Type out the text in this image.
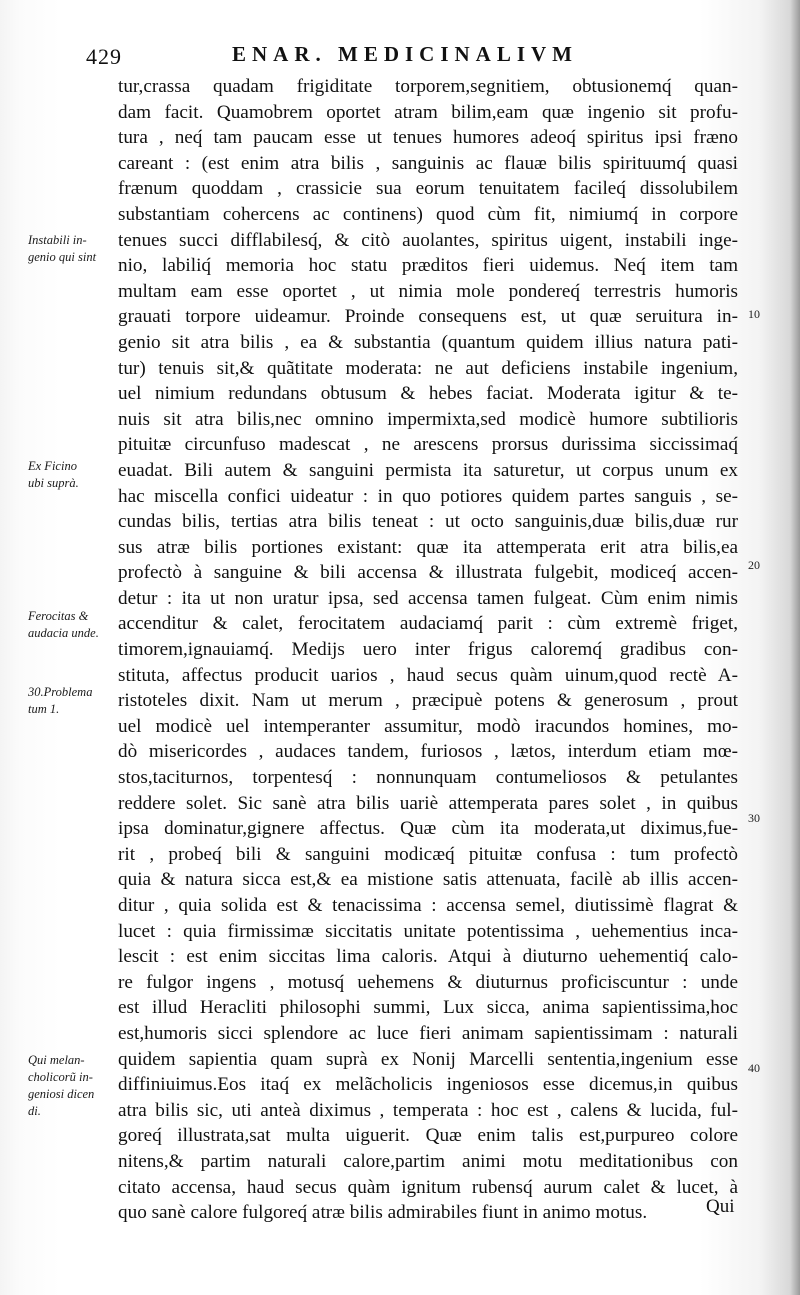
429	ENAR. MEDICINALIVM
tur,crassa quadam frigiditate torporem,segnitiem, obtusionemq́ quan-
dam facit. Quamobrem oportet atram bilim,eam quæ ingenio sit profu-
tura , neq́ tam paucam esse ut tenues humores adeoq́ spiritus ipsi fræno
careant : (est enim atra bilis , sanguinis ac flauæ bilis spirituumq́ quasi
frænum quoddam , crassicie sua eorum tenuitatem facileq́ dissolubilem
substantiam cohercens ac continens) quod cùm fit, nimiumq́ in corpore
tenues succi difflabilesq́, & citò auolantes, spiritus uigent, instabili inge-
nio, labiliq́ memoria hoc statu præditos fieri uidemus. Neq́ item tam
multam eam esse oportet , ut nimia mole pondereq́ terrestris humoris
grauati torpore uideamur. Proinde consequens est, ut quæ seruitura in-
genio sit atra bilis , ea & substantia (quantum quidem illius natura pati-
tur) tenuis sit,& quãtitate moderata: ne aut deficiens instabile ingenium,
uel nimium redundans obtusum & hebes faciat. Moderata igitur & te-
nuis sit atra bilis,nec omnino impermixta,sed modicè humore subtilioris
pituitæ circunfuso madescat , ne arescens prorsus durissima siccissimaq́
euadat. Bili autem & sanguini permista ita saturetur, ut corpus unum ex
hac miscella confici uideatur : in quo potiores quidem partes sanguis , se-
cundas bilis, tertias atra bilis teneat : ut octo sanguinis,duæ bilis,duæ rur
sus atræ bilis portiones existant: quæ ita attemperata erit atra bilis,ea
profectò à sanguine & bili accensa & illustrata fulgebit, modiceq́ accen-
detur : ita ut non uratur ipsa, sed accensa tamen fulgeat. Cùm enim nimis
accenditur & calet, ferocitatem audaciamq́ parit : cùm extremè friget,
timorem,ignauiamq́. Medijs uero inter frigus caloremq́ gradibus con-
stituta, affectus producit uarios , haud secus quàm uinum,quod rectè A-
ristoteles dixit. Nam ut merum , præcipuè potens & generosum , prout
uel modicè uel intemperanter assumitur, modò iracundos homines, mo-
dò misericordes , audaces tandem, furiosos , lætos, interdum etiam mœ-
stos,taciturnos, torpentesq́ : nonnunquam contumeliosos & petulantes
reddere solet. Sic sanè atra bilis uariè attemperata pares solet , in quibus
ipsa dominatur,gignere affectus. Quæ cùm ita moderata,ut diximus,fue-
rit , probeq́ bili & sanguini modicæq́ pituitæ confusa : tum profectò
quia & natura sicca est,& ea mistione satis attenuata, facilè ab illis accen-
ditur , quia solida est & tenacissima : accensa semel, diutissimè flagrat &
lucet : quia firmissimæ siccitatis unitate potentissima , uehementius inca-
lescit : est enim siccitas lima caloris. Atqui à diuturno uehementiq́ calo-
re fulgor ingens , motusq́ uehemens & diuturnus proficiscuntur : unde
est illud Heracliti philosophi summi, Lux sicca, anima sapientissima,hoc
est,humoris sicci splendore ac luce fieri animam sapientissimam : naturali
quidem sapientia quam suprà ex Nonij Marcelli sententia,ingenium esse
diffiniuimus.Eos itaq́ ex melãcholicis ingeniosos esse dicemus,in quibus
atra bilis sic, uti anteà diximus , temperata : hoc est , calens & lucida, ful-
goreq́ illustrata,sat multa uiguerit. Quæ enim talis est,purpureo colore
nitens,& partim naturali calore,partim animi motu meditationibus con
citato accensa, haud secus quàm ignitum rubensq́ aurum calet & lucet, à
quo sanè calore fulgoreq́ atræ bilis admirabiles fiunt in animo motus.
Instabili in-
genio qui sint
Ex Ficino
ubi suprà.
Ferocitas &
audacia unde.
30.Problema
tum 1.
Qui melan-
cholicorũ in-
geniosi dicen
di.
10
20
30
40
Qui
